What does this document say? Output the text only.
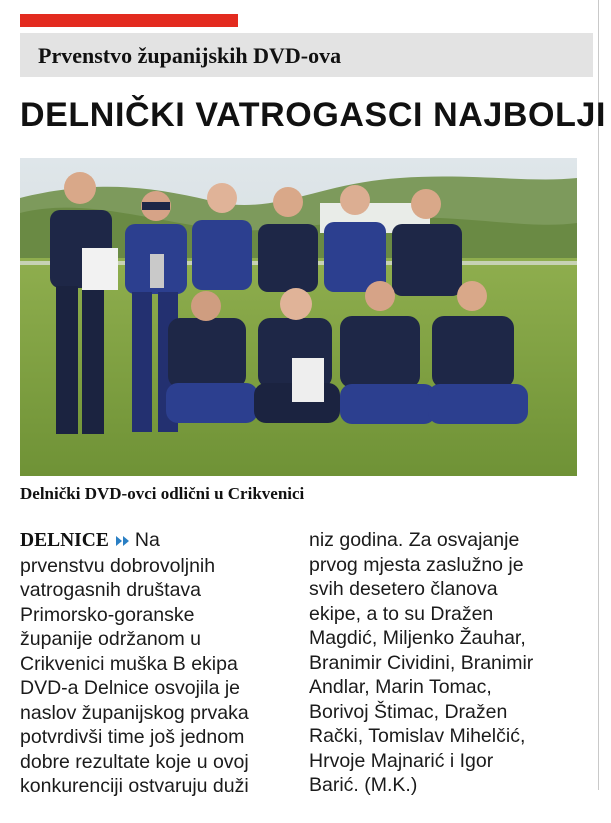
Prvenstvo županijskih DVD-ova
DELNIČKI VATROGASCI NAJBOLJI
Delnički DVD-ovci odlični u Crikvenici
DELNICE Na
prvenstvu dobrovoljnih
vatrogasnih društava
Primorsko-goranske
županije održanom u
Crikvenici muška B ekipa
DVD-a Delnice osvojila je
naslov županijskog prvaka
potvrdivši time još jednom
dobre rezultate koje u ovoj
konkurenciji ostvaruju duži
niz godina. Za osvajanje
prvog mjesta zaslužno je
svih desetero članova
ekipe, a to su Dražen
Magdić, Miljenko Žauhar,
Branimir Cividini, Branimir
Andlar, Marin Tomac,
Borivoj Štimac, Dražen
Rački, Tomislav Mihelčić,
Hrvoje Majnarić i Igor
Barić. (M.K.)
